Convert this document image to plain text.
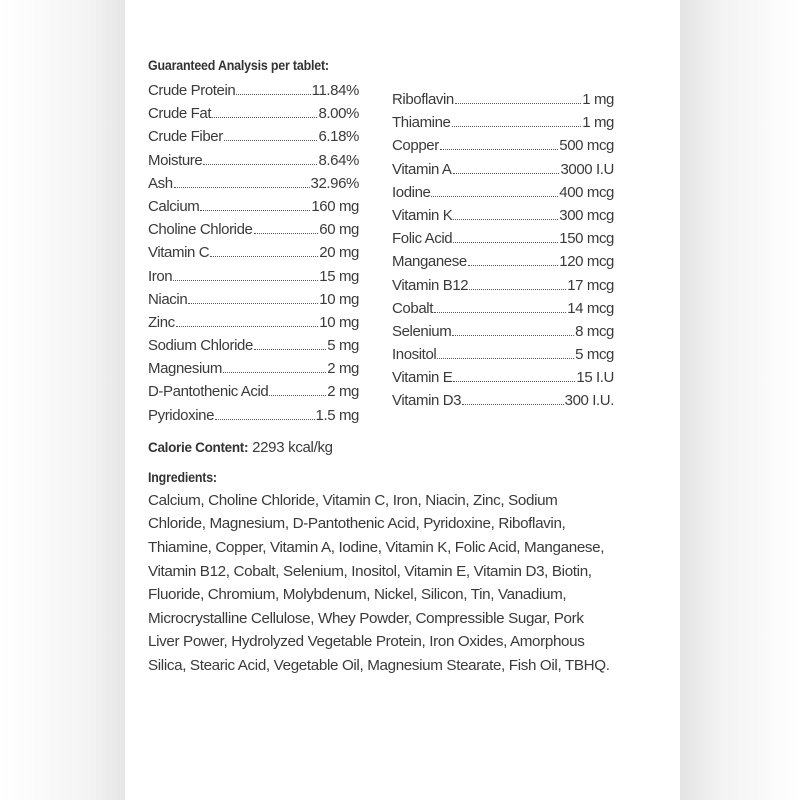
Guaranteed Analysis per tablet:
Crude Protein	11.84%
Crude Fat	8.00%
Crude Fiber	6.18%
Moisture	8.64%
Ash	32.96%
Calcium	160 mg
Choline Chloride	60 mg
Vitamin C	20 mg
Iron	15 mg
Niacin	10 mg
Zinc	10 mg
Sodium Chloride	5 mg
Magnesium	2 mg
D-Pantothenic Acid	2 mg
Pyridoxine	1.5 mg
Riboflavin	1 mg
Thiamine	1 mg
Copper	500 mcg
Vitamin A	3000 I.U
Iodine	400 mcg
Vitamin K	300 mcg
Folic Acid	150 mcg
Manganese	120 mcg
Vitamin B12	17 mcg
Cobalt	14 mcg
Selenium	8 mcg
Inositol	5 mcg
Vitamin E	15 I.U
Vitamin D3	300 I.U.
Calorie Content: 2293 kcal/kg
Ingredients:
Calcium, Choline Chloride, Vitamin C, Iron, Niacin, Zinc, Sodium Chloride, Magnesium, D-Pantothenic Acid, Pyridoxine, Riboflavin, Thiamine, Copper, Vitamin A, Iodine, Vitamin K, Folic Acid, Manganese, Vitamin B12, Cobalt, Selenium, Inositol, Vitamin E, Vitamin D3, Biotin, Fluoride, Chromium, Molybdenum, Nickel, Silicon, Tin, Vanadium, Microcrystalline Cellulose, Whey Powder, Compressible Sugar, Pork Liver Power, Hydrolyzed Vegetable Protein, Iron Oxides, Amorphous Silica, Stearic Acid, Vegetable Oil, Magnesium Stearate, Fish Oil, TBHQ.
